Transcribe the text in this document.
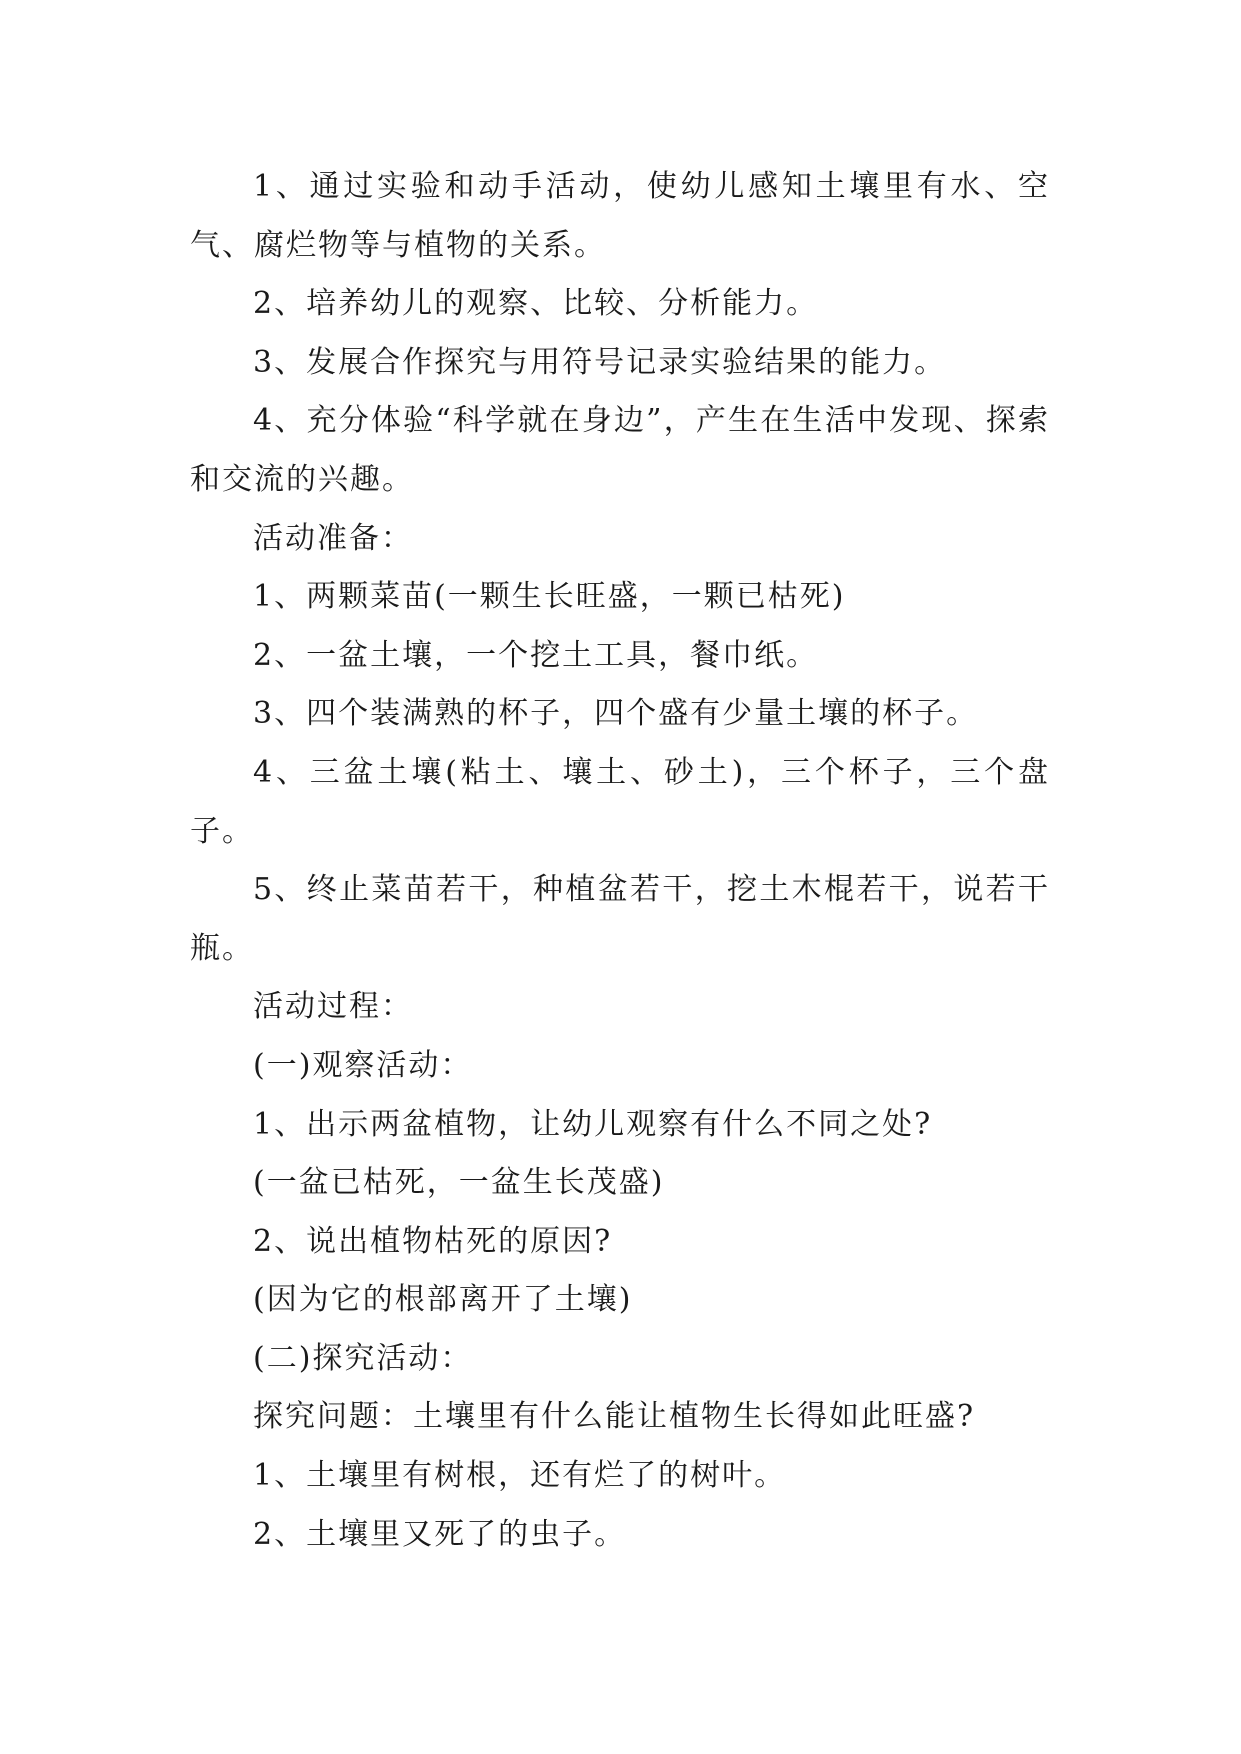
1、通过实验和动手活动，使幼儿感知土壤里有水、空气、腐烂物等与植物的关系。

2、培养幼儿的观察、比较、分析能力。

3、发展合作探究与用符号记录实验结果的能力。

4、充分体验“科学就在身边”，产生在生活中发现、探索和交流的兴趣。

活动准备：

1、两颗菜苗(一颗生长旺盛，一颗已枯死)

2、一盆土壤，一个挖土工具，餐巾纸。

3、四个装满熟的杯子，四个盛有少量土壤的杯子。

4、三盆土壤(粘土、壤土、砂土)，三个杯子，三个盘子。

5、终止菜苗若干，种植盆若干，挖土木棍若干，说若干瓶。

活动过程：

(一)观察活动：

1、出示两盆植物，让幼儿观察有什么不同之处?

(一盆已枯死，一盆生长茂盛)

2、说出植物枯死的原因?

(因为它的根部离开了土壤)

(二)探究活动：

探究问题：土壤里有什么能让植物生长得如此旺盛?

1、土壤里有树根，还有烂了的树叶。

2、土壤里又死了的虫子。
